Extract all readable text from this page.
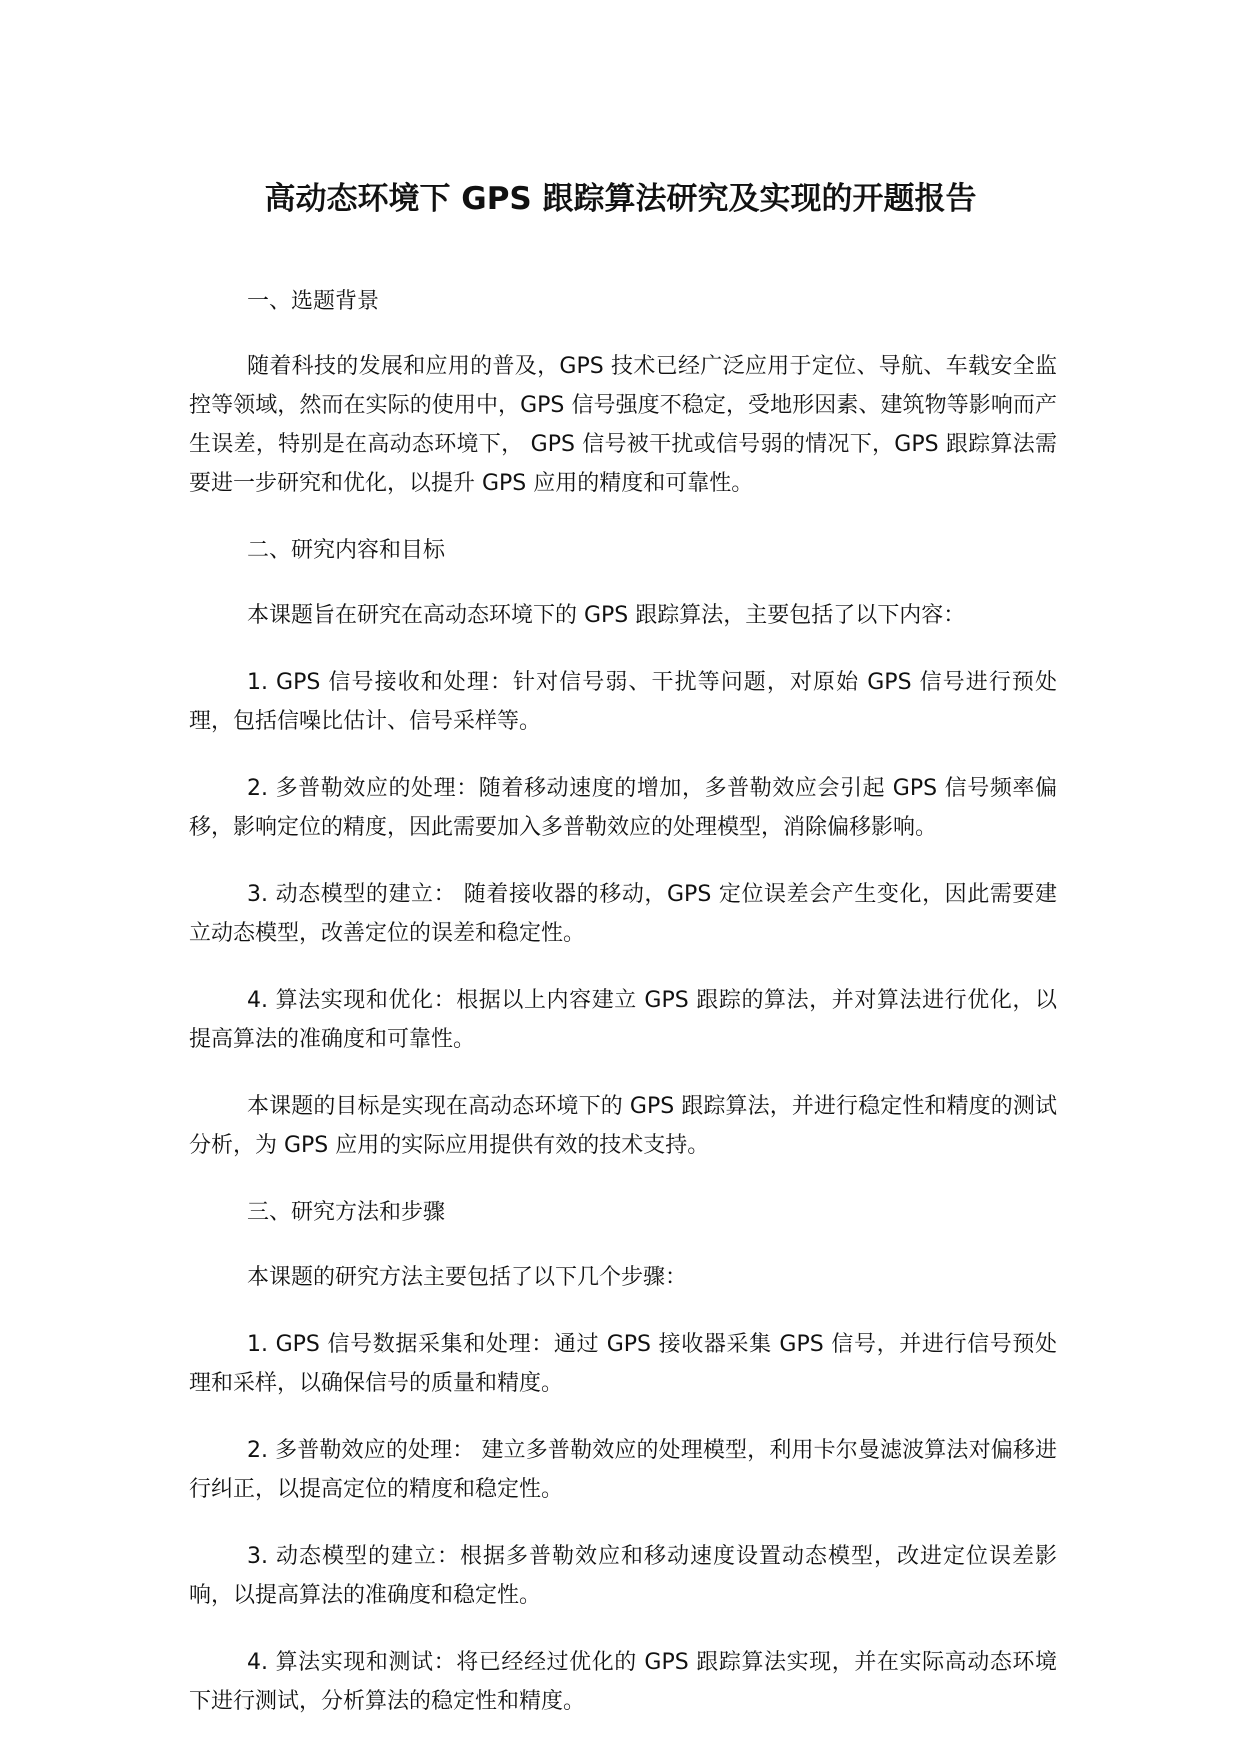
高动态环境下 GPS 跟踪算法研究及实现的开题报告

一、选题背景

随着科技的发展和应用的普及，GPS 技术已经广泛应用于定位、导航、车载安全监控等领域，然而在实际的使用中，GPS 信号强度不稳定，受地形因素、建筑物等影响而产生误差，特别是在高动态环境下， GPS 信号被干扰或信号弱的情况下，GPS 跟踪算法需要进一步研究和优化，以提升 GPS 应用的精度和可靠性。

二、研究内容和目标

本课题旨在研究在高动态环境下的 GPS 跟踪算法，主要包括了以下内容：

1. GPS 信号接收和处理：针对信号弱、干扰等问题，对原始 GPS 信号进行预处理，包括信噪比估计、信号采样等。

2. 多普勒效应的处理：随着移动速度的增加，多普勒效应会引起 GPS 信号频率偏移，影响定位的精度，因此需要加入多普勒效应的处理模型，消除偏移影响。

3. 动态模型的建立： 随着接收器的移动，GPS 定位误差会产生变化，因此需要建立动态模型，改善定位的误差和稳定性。

4. 算法实现和优化：根据以上内容建立 GPS 跟踪的算法，并对算法进行优化，以提高算法的准确度和可靠性。

本课题的目标是实现在高动态环境下的 GPS 跟踪算法，并进行稳定性和精度的测试分析，为 GPS 应用的实际应用提供有效的技术支持。

三、研究方法和步骤

本课题的研究方法主要包括了以下几个步骤：

1. GPS 信号数据采集和处理：通过 GPS 接收器采集 GPS 信号，并进行信号预处理和采样，以确保信号的质量和精度。

2. 多普勒效应的处理： 建立多普勒效应的处理模型，利用卡尔曼滤波算法对偏移进行纠正，以提高定位的精度和稳定性。

3. 动态模型的建立：根据多普勒效应和移动速度设置动态模型，改进定位误差影响，以提高算法的准确度和稳定性。

4. 算法实现和测试：将已经经过优化的 GPS 跟踪算法实现，并在实际高动态环境下进行测试，分析算法的稳定性和精度。
